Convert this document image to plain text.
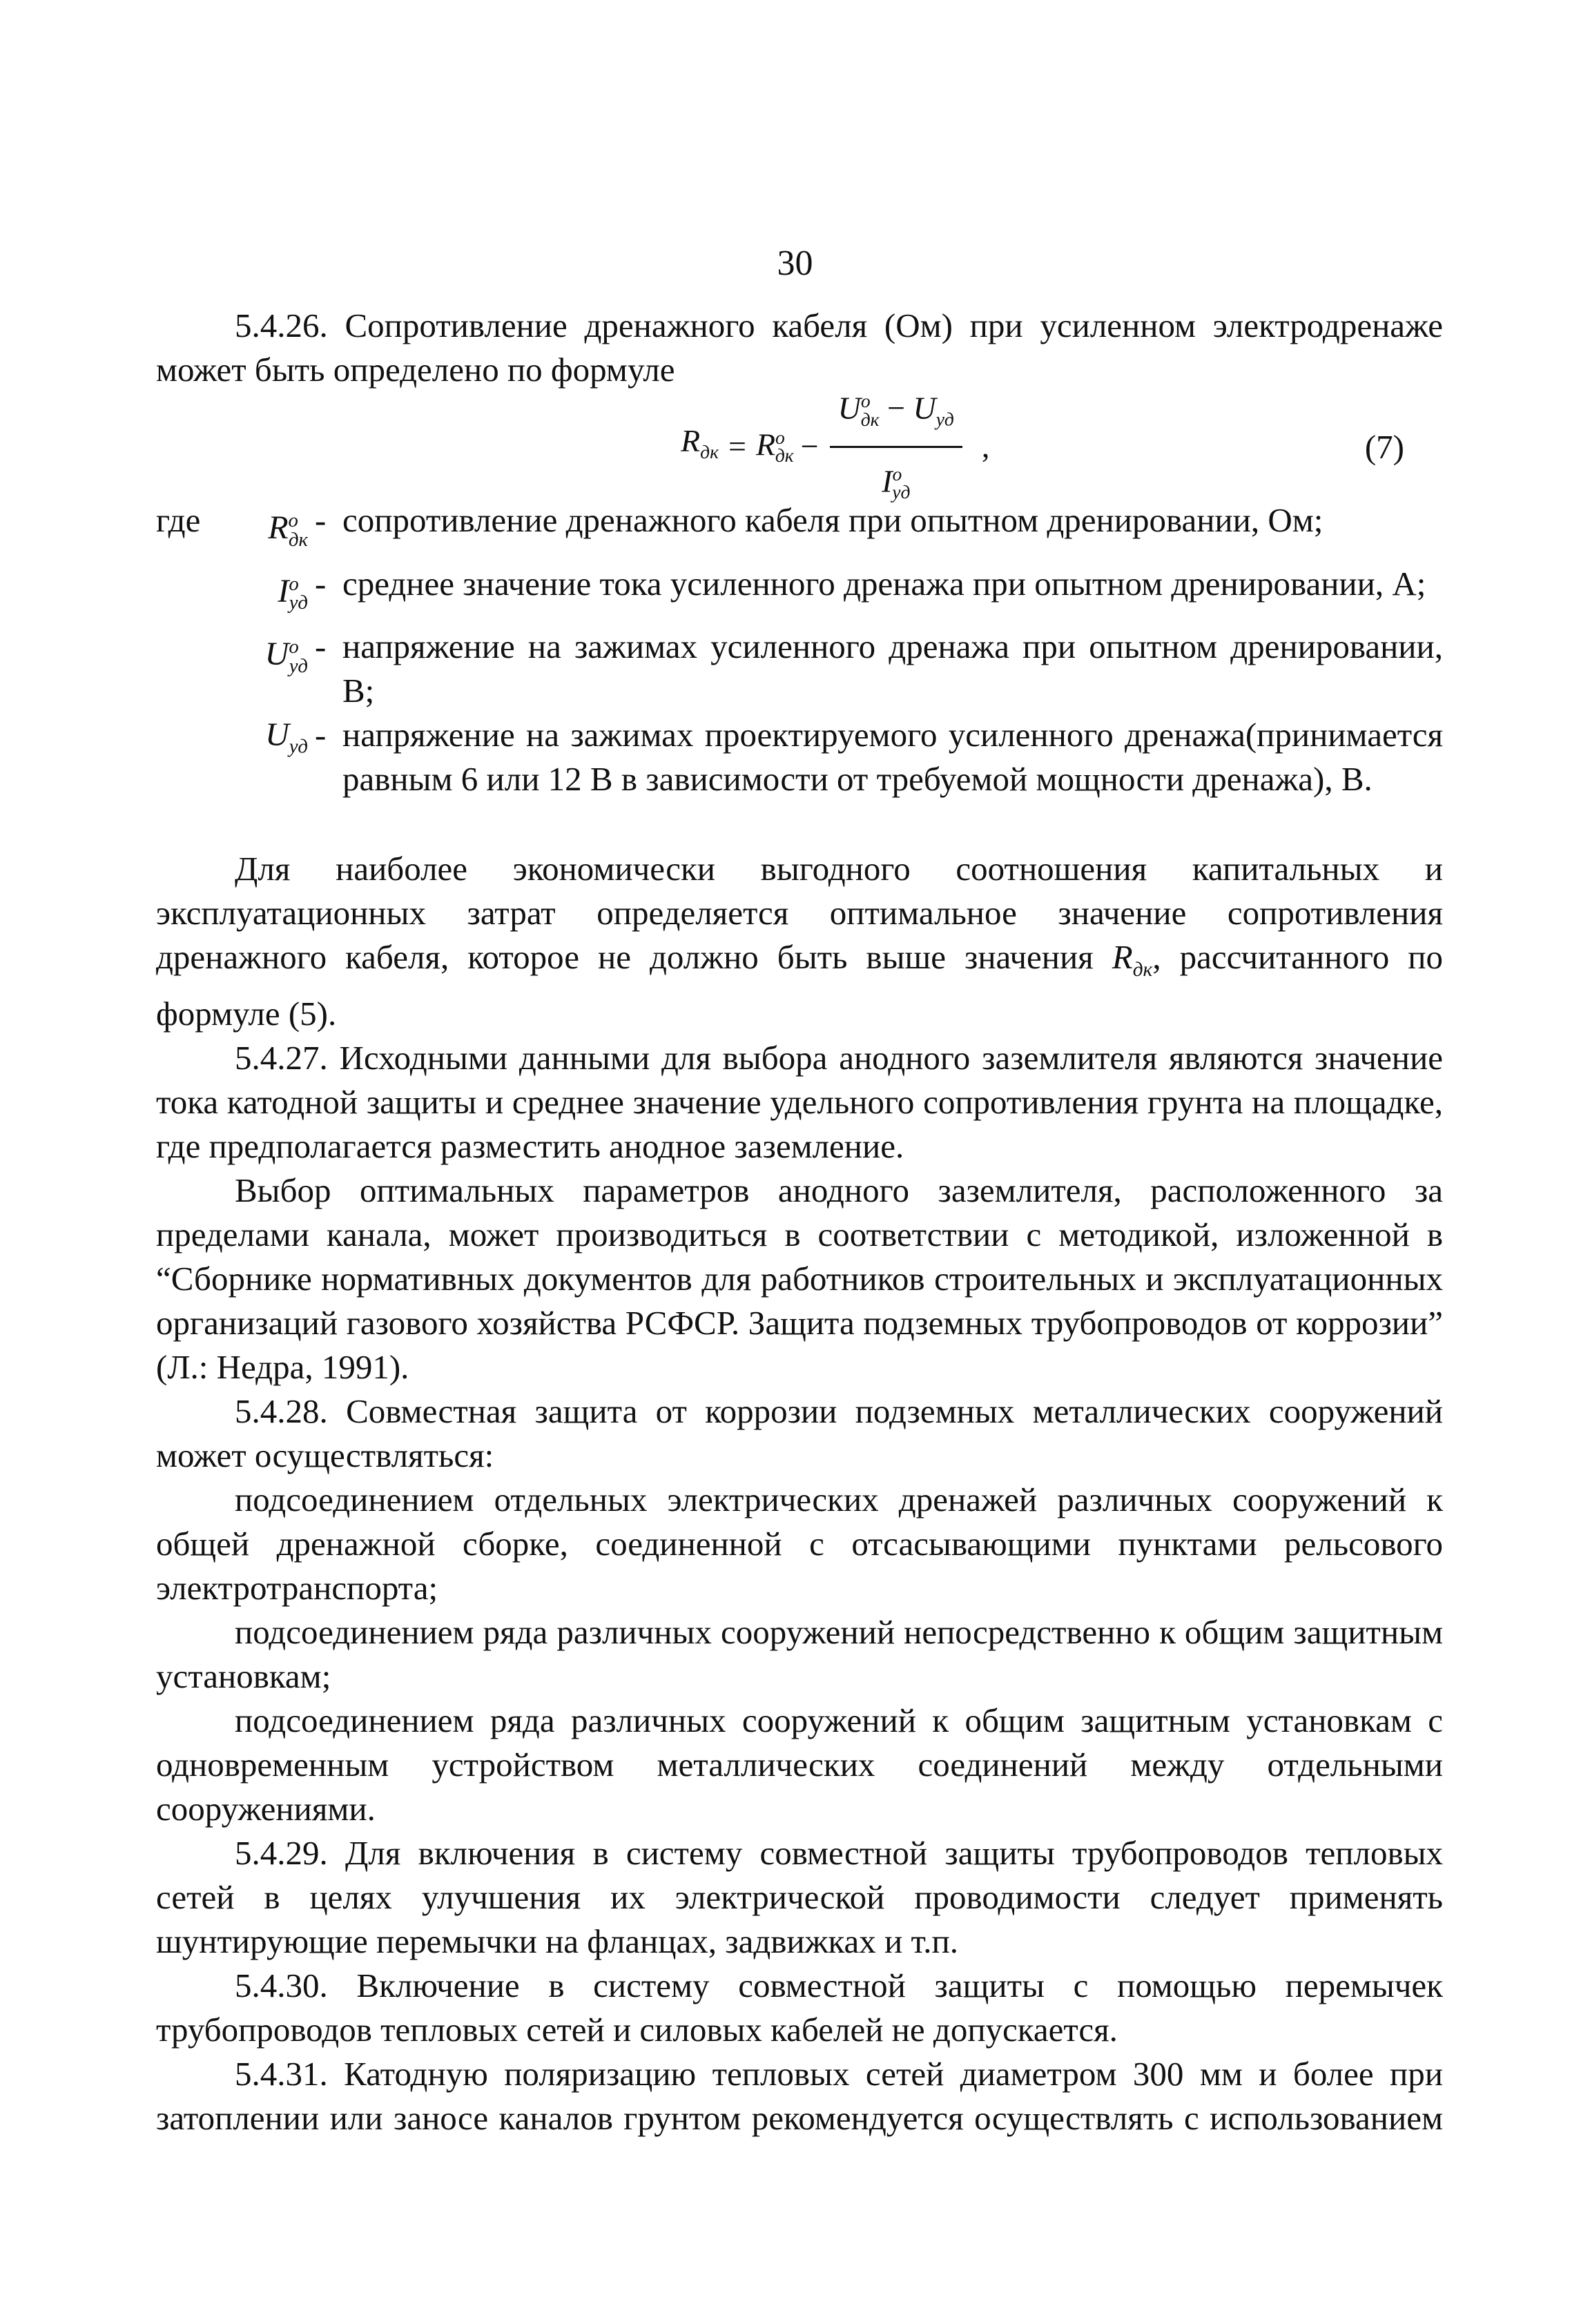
30

5.4.26. Сопротивление дренажного кабеля (Ом) при усиленном электродренаже может быть определено по формуле

$R_{дк} = R^о_{дк} - \frac{U^о_{дк} - U_{уд}}{I^о_{уд}}$ ,	(7)
где	$R^о_{дк}$
- сопротивление дренажного кабеля при опытном дренировании, Ом;
$I^о_{уд}$
- среднее значение тока усиленного дренажа при опытном дренировании, А;
$U^о_{уд}$
- напряжение на зажимах усиленного дренажа при опытном дренировании, В;
$U_{уд}$ - напряжение на зажимах проектируемого усиленного дренажа(принимается равным 6 или 12 В в зависимости от требуемой мощности дренажа), В.

Для наиболее экономически выгодного соотношения капитальных и эксплуатационных затрат определяется оптимальное значение сопротивления дренажного кабеля, которое не должно быть выше значения $R_{дк}$, рассчитанного по формуле (5).

5.4.27. Исходными данными для выбора анодного заземлителя являются значение тока катодной защиты и среднее значение удельного сопротивления грунта на площадке, где предполагается разместить анодное заземление.

Выбор оптимальных параметров анодного заземлителя, расположенного за пределами канала, может производиться в соответствии с методикой, изложенной в “Сборнике нормативных документов для работников строительных и эксплуатационных организаций газового хозяйства РСФСР. Защита подземных трубопроводов от коррозии” (Л.: Недра, 1991).

5.4.28. Совместная защита от коррозии подземных металлических сооружений может осуществляться:

подсоединением отдельных электрических дренажей различных сооружений к общей дренажной сборке, соединенной с отсасывающими пунктами рельсового электротранспорта;

подсоединением ряда различных сооружений непосредственно к общим защитным установкам;

подсоединением ряда различных сооружений к общим защитным установкам с одновременным устройством металлических соединений между отдельными сооружениями.

5.4.29. Для включения в систему совместной защиты трубопроводов тепловых сетей в целях улучшения их электрической проводимости следует применять шунтирующие перемычки на фланцах, задвижках и т.п.

5.4.30. Включение в систему совместной защиты с помощью перемычек трубопроводов тепловых сетей и силовых кабелей не допускается.

5.4.31. Катодную поляризацию тепловых сетей диаметром 300 мм и более при затоплении или заносе каналов грунтом рекомендуется осуществлять с использованием
